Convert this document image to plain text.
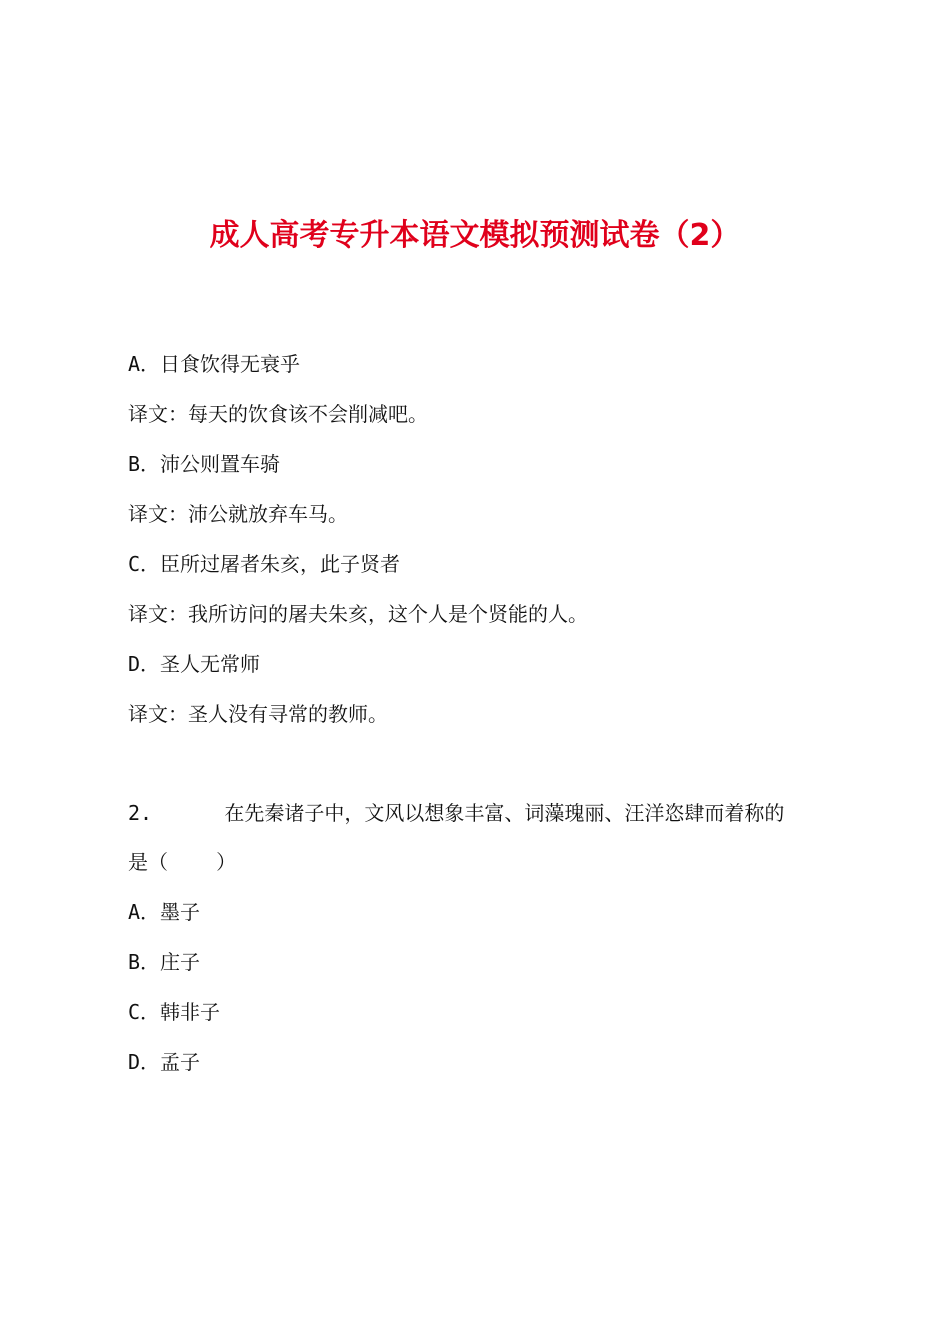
成人高考专升本语文模拟预测试卷（2）
A．日食饮得无衰乎
译文：每天的饮食该不会削减吧。
B．沛公则置车骑
译文：沛公就放弃车马。
C．臣所过屠者朱亥，此子贤者
译文：我所访问的屠夫朱亥，这个人是个贤能的人。
D．圣人无常师
译文：圣人没有寻常的教师。
2.      在先秦诸子中，文风以想象丰富、词藻瑰丽、汪洋恣肆而着称的
是（    ）
A．墨子
B．庄子
C．韩非子
D．孟子
